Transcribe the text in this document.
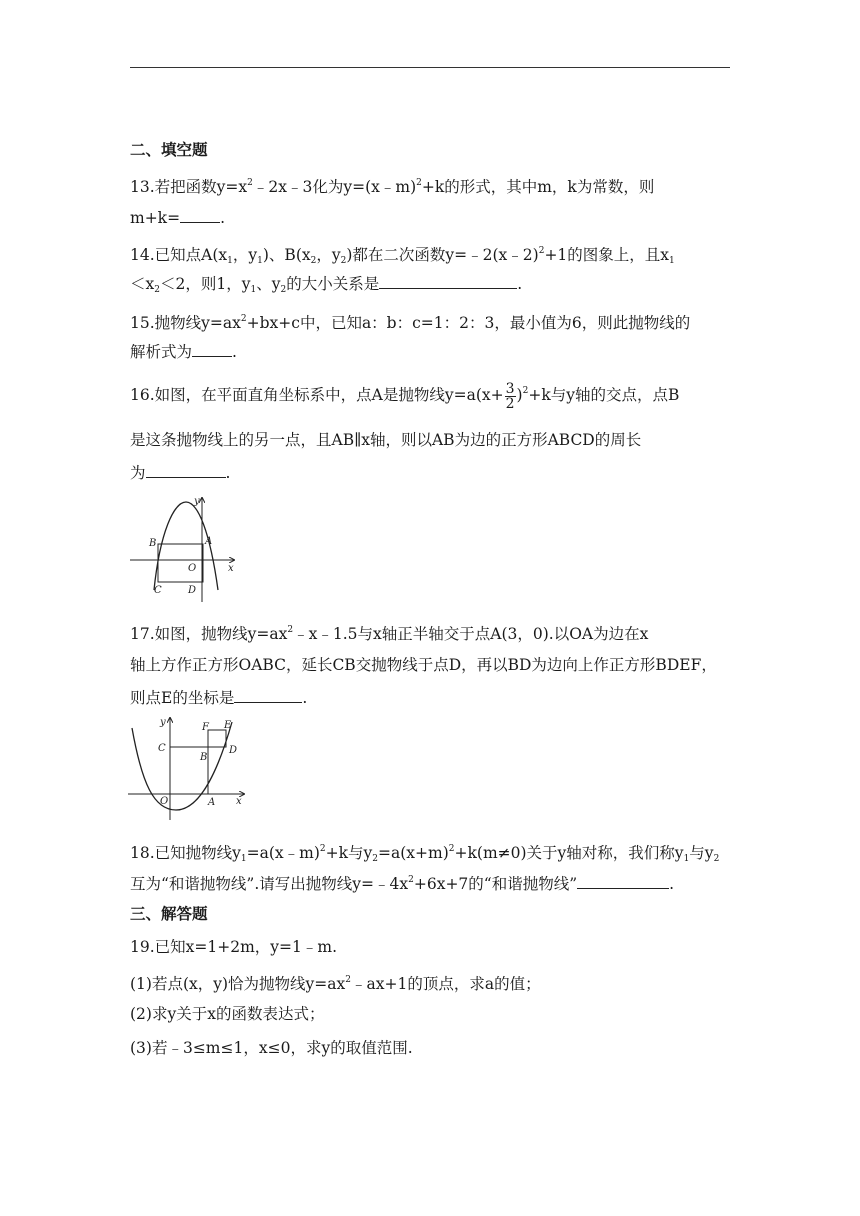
二、填空题
13.若把函数$y=x^2﹣2x﹣3$化为y=(x﹣m)$^2$+k的形式，其中m，k为常数，则
m+k=	.
14.已知点$A(x_1$，$y_1$)、$B(x_2$，$y_2$)都在二次函数y=﹣2(x﹣2)$^2$+1的图象上，且$x_1$
$<x_2<2$，则1，$y_1$、$y_2$的大小关系是	.
15.抛物线$y=ax^2+bx+c$中，已知a：b：c=1：2：3，最小值为6，则此抛物线的
解析式为	.
16.如图，在平面直角坐标系中，点A是抛物线$y=a(x+ \frac{3}{2} )^2+k$与y轴的交点，点B
是这条抛物线上的另一点，且AB∥x轴，则以AB为边的正方形ABCD的周长
为	.
y
x
B	A
O
C	D
17.如图，抛物线$y=ax^2﹣x﹣1.5$与x轴正半轴交于点A(3，0).以OA为边在x
轴上方作正方形OABC，延长CB交抛物线于点D，再以BD为边向上作正方形BDEF，
则点E的坐标是	.
y
x
F E
C	D
B
O	A
18.已知抛物线$y_1=a(x﹣m)^2+k$与$y_2=a(x+m)^2+k(m\ne 0)$关于y轴对称，我们称$y_1$与$y_2$
互为“和谐抛物线”.请写出抛物线$y=﹣4x^2+6x+7$的“和谐抛物线”	.
三、解答题
19.已知x=1+2m，y=1﹣m.
(1)若点(x，y)恰为抛物线$y=ax^2﹣ax+1$的顶点，求a的值；
(2)求y关于x的函数表达式；
(3)若﹣3≤m≤1，x≤0，求y的取值范围.
